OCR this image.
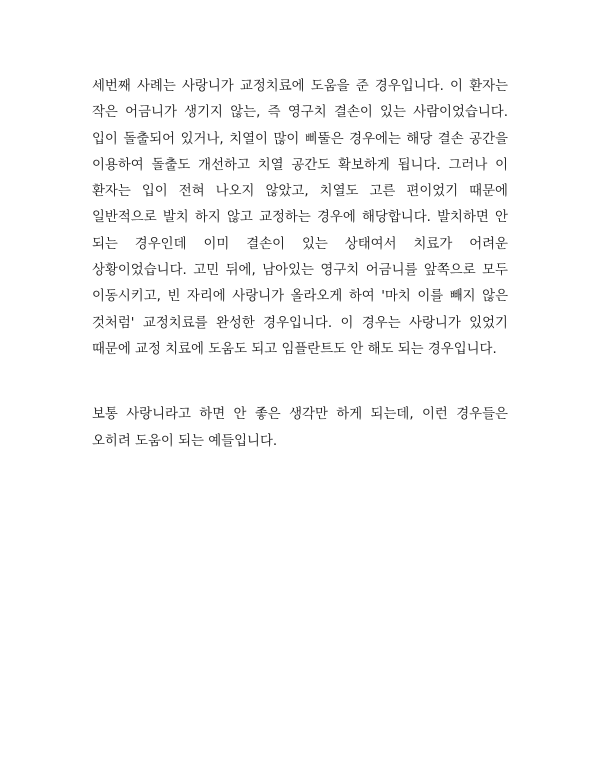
세번째 사례는 사랑니가 교정치료에 도움을 준 경우입니다. 이 환자는 작은 어금니가 생기지 않는, 즉 영구치 결손이 있는 사람이었습니다. 입이 돌출되어 있거나, 치열이 많이 삐뚤은 경우에는 해당 결손 공간을 이용하여 돌출도 개선하고 치열 공간도 확보하게 됩니다. 그러나 이 환자는 입이 전혀 나오지 않았고, 치열도 고른 편이었기 때문에 일반적으로 발치 하지 않고 교정하는 경우에 해당합니다. 발치하면 안 되는 경우인데 이미 결손이 있는 상태여서 치료가 어려운 상황이었습니다. 고민 뒤에, 남아있는 영구치 어금니를 앞쪽으로 모두 이동시키고, 빈 자리에 사랑니가 올라오게 하여 '마치 이를 빼지 않은 것처럼' 교정치료를 완성한 경우입니다. 이 경우는 사랑니가 있었기 때문에 교정 치료에 도움도 되고 임플란트도 안 해도 되는 경우입니다.

보통 사랑니라고 하면 안 좋은 생각만 하게 되는데, 이런 경우들은 오히려 도움이 되는 예들입니다.
